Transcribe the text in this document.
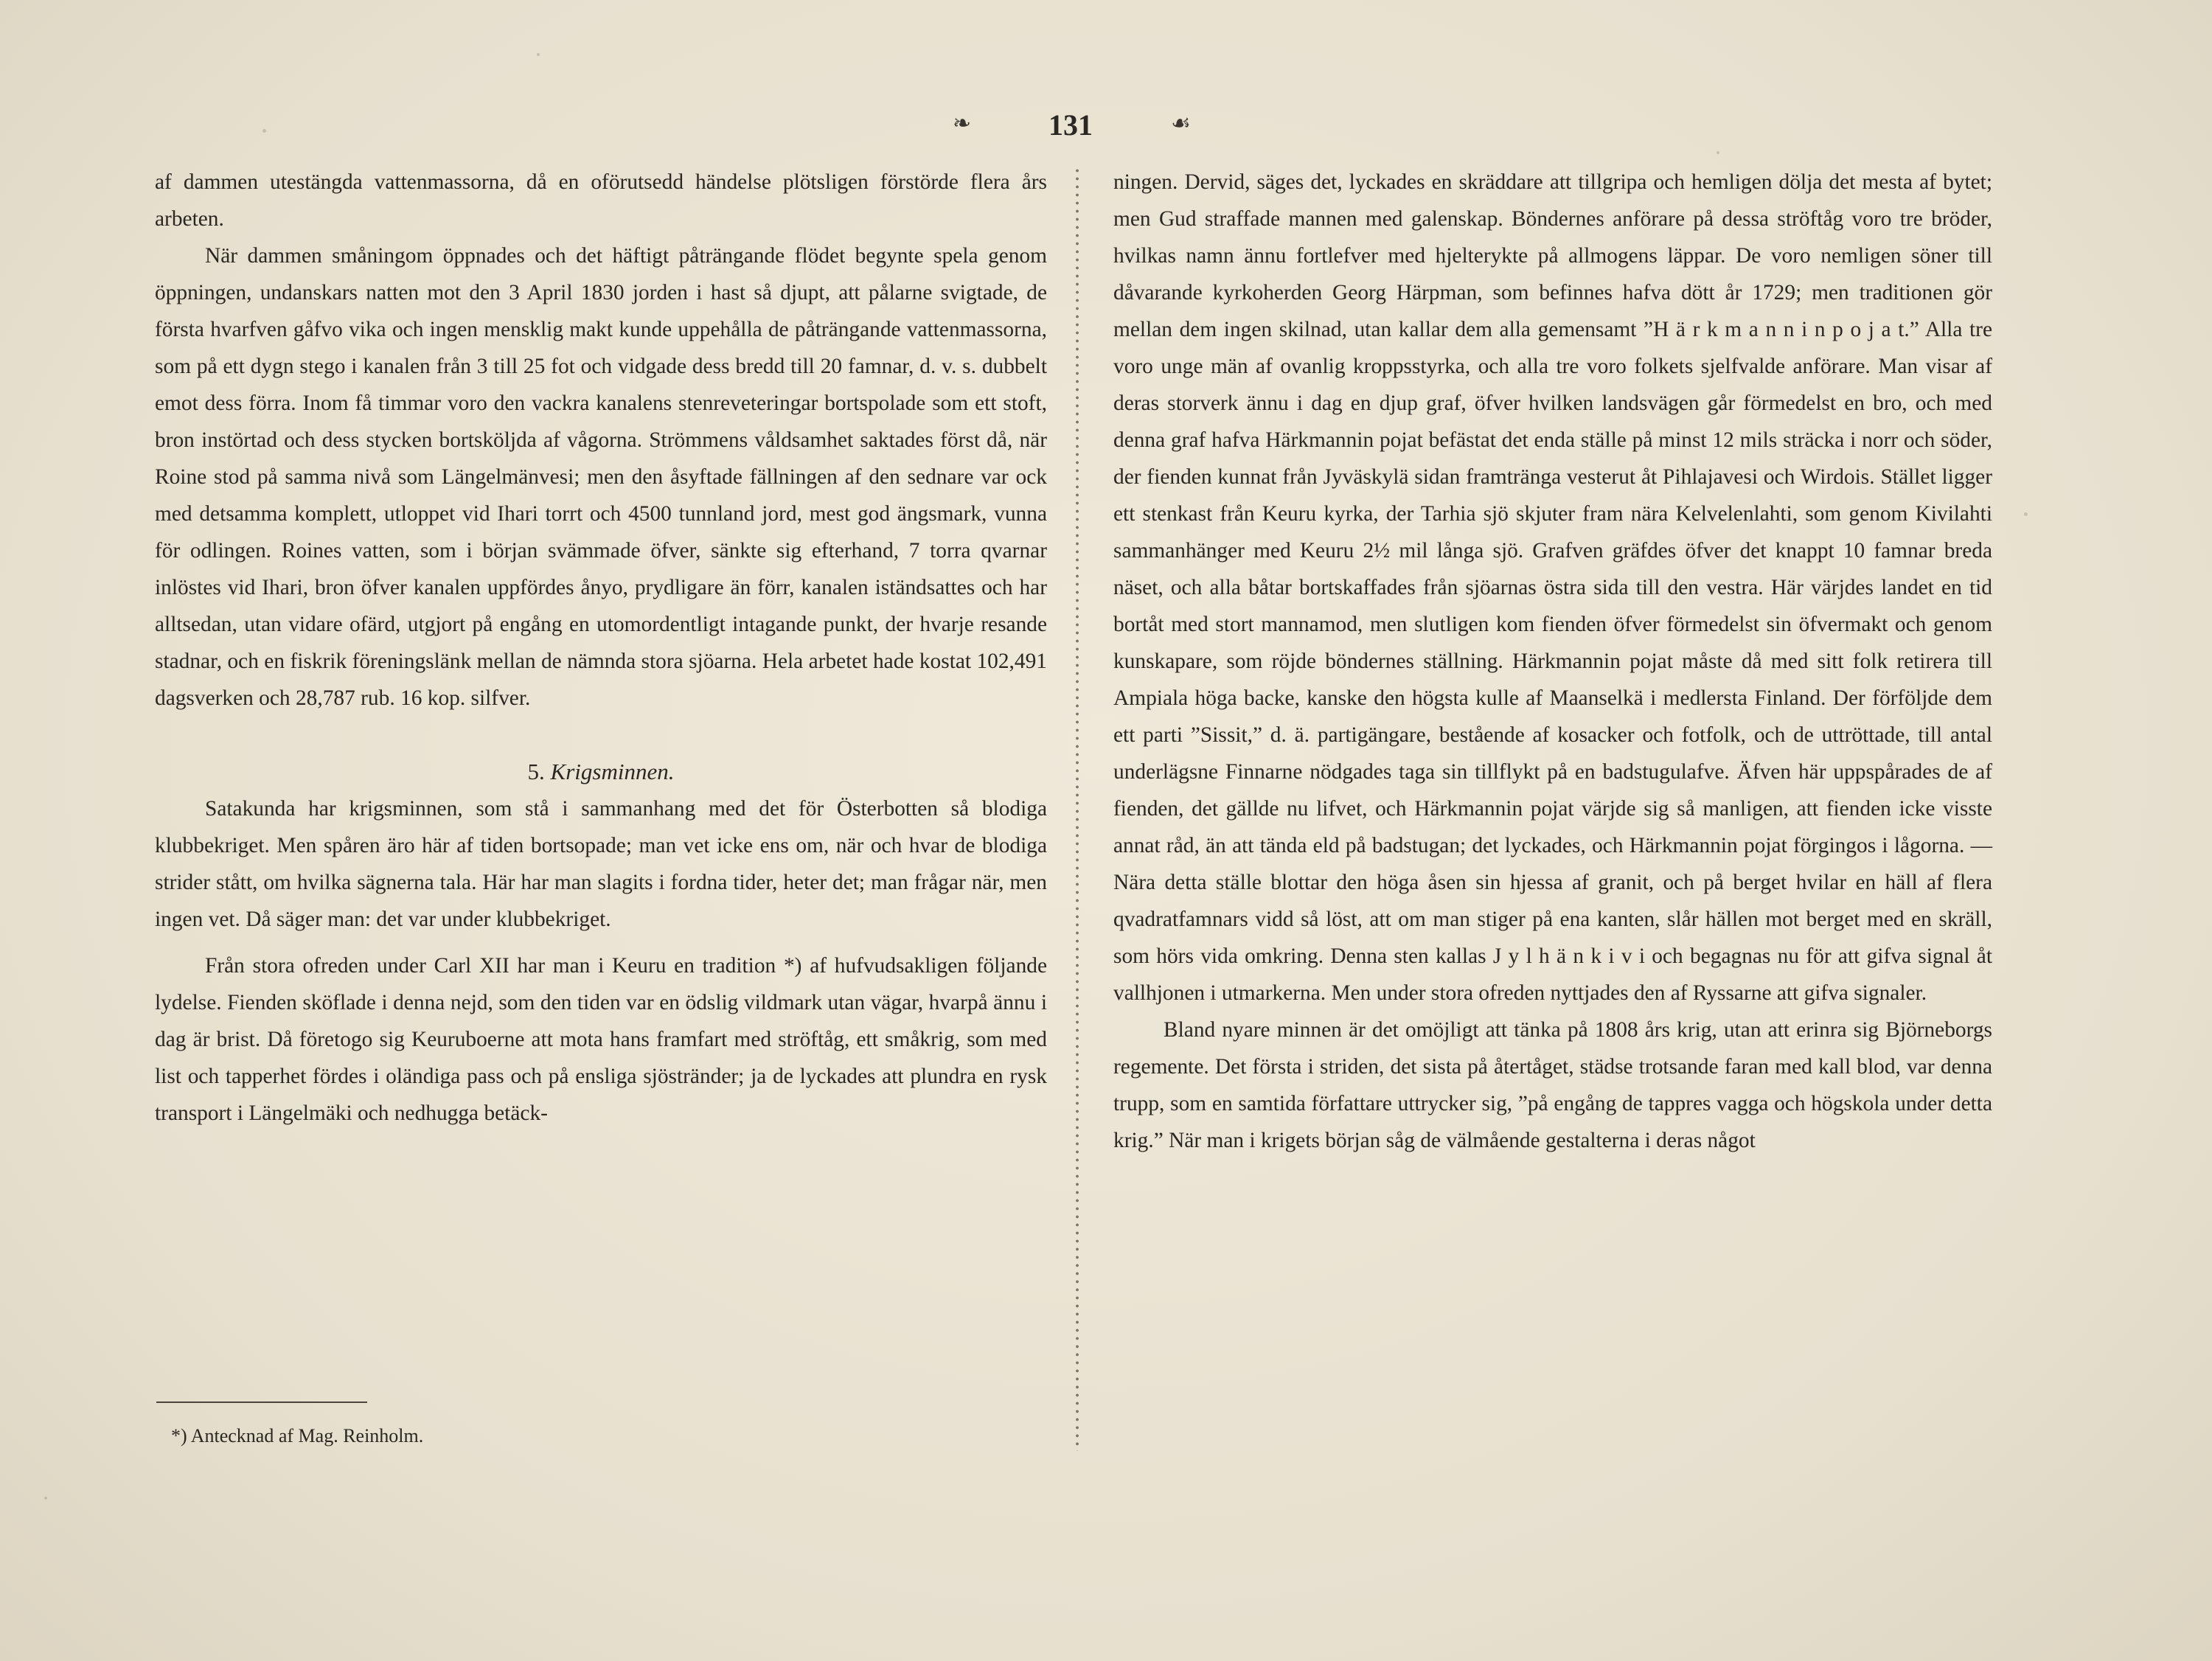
❧	131	☙

af dammen utestängda vattenmassorna, då en oförutsedd händelse plötsligen förstörde flera års arbeten.

När dammen småningom öppnades och det häftigt påträngande flödet begynte spela genom öppningen, undanskars natten mot den 3 April 1830 jorden i hast så djupt, att pålarne svigtade, de första hvarfven gåfvo vika och ingen mensklig makt kunde uppehålla de påträngande vattenmassorna, som på ett dygn stego i kanalen från 3 till 25 fot och vidgade dess bredd till 20 famnar, d. v. s. dubbelt emot dess förra. Inom få timmar voro den vackra kanalens stenreveteringar bortspolade som ett stoft, bron instörtad och dess stycken bortsköljda af vågorna. Strömmens våldsamhet saktades först då, när Roine stod på samma nivå som Längelmänvesi; men den åsyftade fällningen af den sednare var ock med detsamma komplett, utloppet vid Ihari torrt och 4500 tunnland jord, mest god ängsmark, vunna för odlingen. Roines vatten, som i början svämmade öfver, sänkte sig efterhand, 7 torra qvarnar inlöstes vid Ihari, bron öfver kanalen uppfördes ånyo, prydligare än förr, kanalen iständsattes och har alltsedan, utan vidare ofärd, utgjort på engång en utomordentligt intagande punkt, der hvarje resande stadnar, och en fiskrik föreningslänk mellan de nämnda stora sjöarna. Hela arbetet hade kostat 102,491 dagsverken och 28,787 rub. 16 kop. silfver.

5. Krigsminnen.

Satakunda har krigsminnen, som stå i sammanhang med det för Österbotten så blodiga klubbekriget. Men spåren äro här af tiden bortsopade; man vet icke ens om, när och hvar de blodiga strider stått, om hvilka sägnerna tala. Här har man slagits i fordna tider, heter det; man frågar när, men ingen vet. Då säger man: det var under klubbekriget.

Från stora ofreden under Carl XII har man i Keuru en tradition *) af hufvudsakligen följande lydelse. Fienden sköflade i denna nejd, som den tiden var en ödslig vildmark utan vägar, hvarpå ännu i dag är brist. Då företogo sig Keuruboerne att mota hans framfart med ströftåg, ett småkrig, som med list och tapperhet fördes i oländiga pass och på ensliga sjöstränder; ja de lyckades att plundra en rysk transport i Längelmäki och nedhugga betäck-

*) Antecknad af Mag. Reinholm.

ningen. Dervid, säges det, lyckades en skräddare att tillgripa och hemligen dölja det mesta af bytet; men Gud straffade mannen med galenskap. Böndernes anförare på dessa ströftåg voro tre bröder, hvilkas namn ännu fortlefver med hjelterykte på allmogens läppar. De voro nemligen söner till dåvarande kyrkoherden Georg Härpman, som befinnes hafva dött år 1729; men traditionen gör mellan dem ingen skilnad, utan kallar dem alla gemensamt ”H ä r k m a n n i n p o j a t.” Alla tre voro unge män af ovanlig kroppsstyrka, och alla tre voro folkets sjelfvalde anförare. Man visar af deras storverk ännu i dag en djup graf, öfver hvilken landsvägen går förmedelst en bro, och med denna graf hafva Härkmannin pojat befästat det enda ställe på minst 12 mils sträcka i norr och söder, der fienden kunnat från Jyväskylä sidan framtränga vesterut åt Pihlajavesi och Wirdois. Stället ligger ett stenkast från Keuru kyrka, der Tarhia sjö skjuter fram nära Kelvelenlahti, som genom Kivilahti sammanhänger med Keuru 2½ mil långa sjö. Grafven gräfdes öfver det knappt 10 famnar breda näset, och alla båtar bortskaffades från sjöarnas östra sida till den vestra. Här värjdes landet en tid bortåt med stort mannamod, men slutligen kom fienden öfver förmedelst sin öfvermakt och genom kunskapare, som röjde böndernes ställning. Härkmannin pojat måste då med sitt folk retirera till Ampiala höga backe, kanske den högsta kulle af Maanselkä i medlersta Finland. Der förföljde dem ett parti ”Sissit,” d. ä. partigängare, bestående af kosacker och fotfolk, och de uttröttade, till antal underlägsne Finnarne nödgades taga sin tillflykt på en badstugulafve. Äfven här uppspårades de af fienden, det gällde nu lifvet, och Härkmannin pojat värjde sig så manligen, att fienden icke visste annat råd, än att tända eld på badstugan; det lyckades, och Härkmannin pojat förgingos i lågorna. — Nära detta ställe blottar den höga åsen sin hjessa af granit, och på berget hvilar en häll af flera qvadratfamnars vidd så löst, att om man stiger på ena kanten, slår hällen mot berget med en skräll, som hörs vida omkring. Denna sten kallas J y l h ä n k i v i och begagnas nu för att gifva signal åt vallhjonen i utmarkerna. Men under stora ofreden nyttjades den af Ryssarne att gifva signaler.

Bland nyare minnen är det omöjligt att tänka på 1808 års krig, utan att erinra sig Björneborgs regemente. Det första i striden, det sista på återtåget, städse trotsande faran med kall blod, var denna trupp, som en samtida författare uttrycker sig, ”på engång de tappres vagga och högskola under detta krig.” När man i krigets början såg de välmående gestalterna i deras något
